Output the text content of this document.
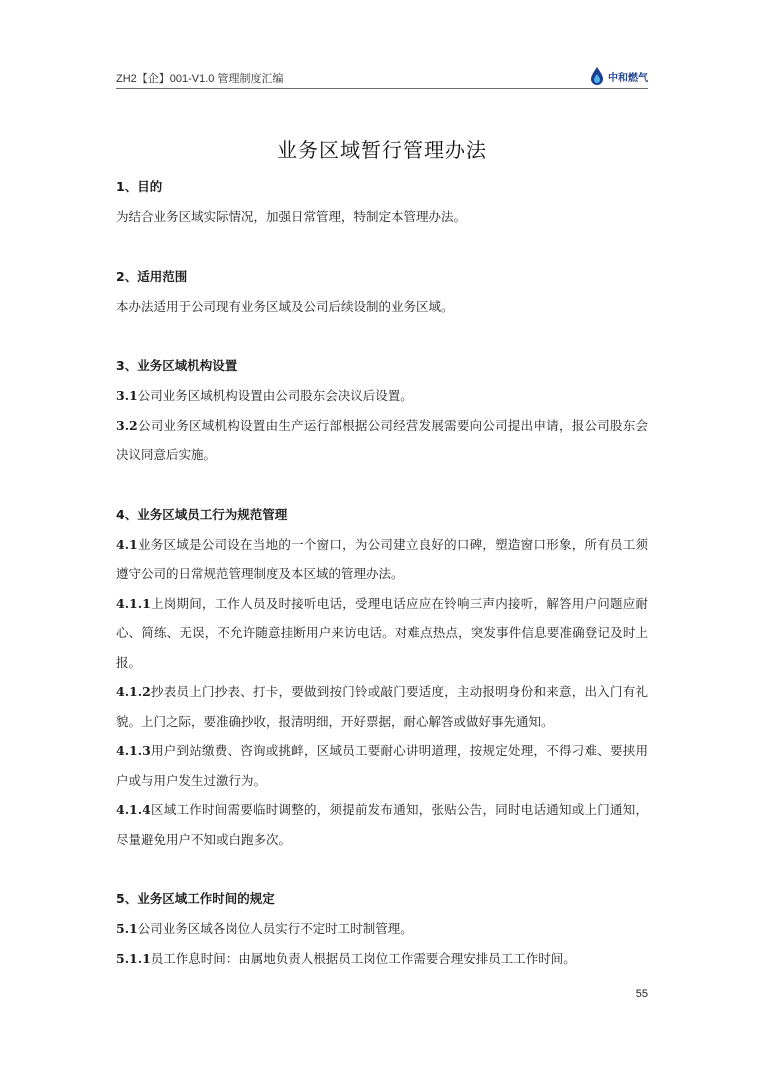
ZH2【企】001-V1.0 管理制度汇编	中和燃气
业务区域暂行管理办法

1、目的

为结合业务区域实际情况，加强日常管理，特制定本管理办法。

2、适用范围

本办法适用于公司现有业务区域及公司后续设制的业务区域。

3、业务区域机构设置

3.1公司业务区域机构设置由公司股东会决议后设置。

3.2公司业务区域机构设置由生产运行部根据公司经营发展需要向公司提出申请，报公司股东会决议同意后实施。

4、业务区域员工行为规范管理

4.1业务区域是公司设在当地的一个窗口，为公司建立良好的口碑，塑造窗口形象，所有员工须遵守公司的日常规范管理制度及本区域的管理办法。

4.1.1上岗期间，工作人员及时接听电话，受理电话应应在铃响三声内接听，解答用户问题应耐心、简练、无误，不允许随意挂断用户来访电话。对难点热点，突发事件信息要准确登记及时上报。

4.1.2抄表员上门抄表、打卡，要做到按门铃或敲门要适度，主动报明身份和来意，出入门有礼貌。上门之际，要准确抄收，报清明细，开好票据，耐心解答或做好事先通知。

4.1.3用户到站缴费、咨询或挑衅，区域员工要耐心讲明道理，按规定处理，不得刁难、要挟用户或与用户发生过激行为。

4.1.4区域工作时间需要临时调整的，须提前发布通知，张贴公告，同时电话通知或上门通知，尽量避免用户不知或白跑多次。

5、业务区域工作时间的规定

5.1公司业务区域各岗位人员实行不定时工时制管理。

5.1.1员工作息时间：由属地负责人根据员工岗位工作需要合理安排员工工作时间。

55
